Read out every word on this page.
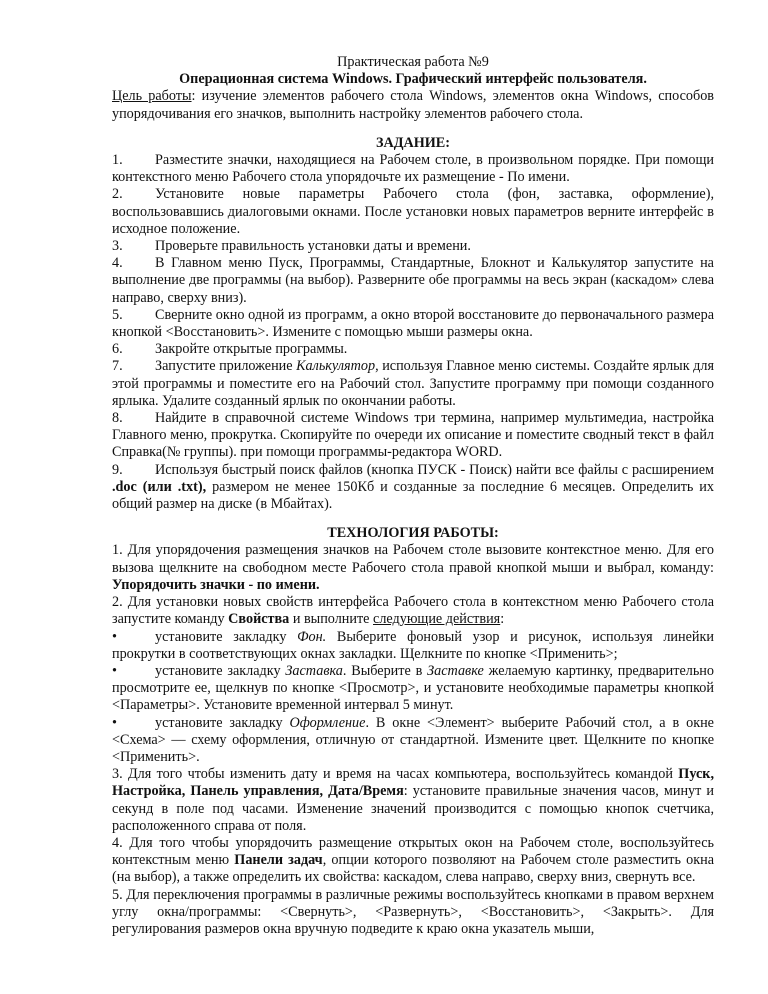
Практическая работа №9

Операционная система Windows. Графический интерфейс пользователя.

Цель работы: изучение элементов рабочего стола Windows, элементов окна Windows, способов упорядочивания его значков, выполнить настройку элементов рабочего стола.

ЗАДАНИЕ:

1. Разместите значки, находящиеся на Рабочем столе, в произвольном порядке. При помощи контекстного меню Рабочего стола упорядочьте их размещение - По имени.

2. Установите новые параметры Рабочего стола (фон, заставка, оформление), воспользовавшись диалоговыми окнами. После установки новых параметров верните интерфейс в исходное положение.

3. Проверьте правильность установки даты и времени.

4. В Главном меню Пуск, Программы, Стандартные, Блокнот и Калькулятор запустите на выполнение две программы (на выбор). Разверните обе программы на весь экран (каскадом» слева направо, сверху вниз).

5. Сверните окно одной из программ, а окно второй восстановите до первоначального размера кнопкой <Восстановить>. Измените с помощью мыши размеры окна.

6. Закройте открытые программы.

7. Запустите приложение Калькулятор, используя Главное меню системы. Создайте ярлык для этой программы и поместите его на Рабочий стол. Запустите программу при помощи созданного ярлыка. Удалите созданный ярлык по окончании работы.

8. Найдите в справочной системе Windows три термина, например мультимедиа, настройка Главного меню, прокрутка. Скопируйте по очереди их описание и поместите сводный текст в файл Справка(№ группы). при помощи программы-редактора WORD.

9. Используя быстрый поиск файлов (кнопка ПУСК - Поиск) найти все файлы с расширением .doc (или .txt), размером не менее 150Кб и созданные за последние 6 месяцев. Определить их общий размер на диске (в Мбайтах).

ТЕХНОЛОГИЯ РАБОТЫ:

1. Для упорядочения размещения значков на Рабочем столе вызовите контекстное меню. Для его вызова щелкните на свободном месте Рабочего стола правой кнопкой мыши и выбрал, команду: Упорядочить значки - по имени.

2. Для установки новых свойств интерфейса Рабочего стола в контекстном меню Рабочего стола запустите команду Свойства и выполните следующие действия:

•	установите закладку Фон. Выберите фоновый узор и рисунок, используя линейки прокрутки в соответствующих окнах закладки. Щелкните по кнопке <Применить>;

•	установите закладку Заставка. Выберите в Заставке желаемую картинку, предварительно просмотрите ее, щелкнув по кнопке <Просмотр>, и установите необходимые параметры кнопкой <Параметры>. Установите временной интервал 5 минут.

•	установите закладку Оформление. В окне <Элемент> выберите Рабочий стол, а в окне <Схема> — схему оформления, отличную от стандартной. Измените цвет. Щелкните по кнопке <Применить>.

3. Для того чтобы изменить дату и время на часах компьютера, воспользуйтесь командой Пуск, Настройка, Панель управления, Дата/Время: установите правильные значения часов, минут и секунд в поле под часами. Изменение значений производится с помощью кнопок счетчика, расположенного справа от поля.

4. Для того чтобы упорядочить размещение открытых окон на Рабочем столе, воспользуйтесь контекстным меню Панели задач, опции которого позволяют на Рабочем столе разместить окна (на выбор), а также определить их свойства: каскадом, слева направо, сверху вниз, свернуть все.

5. Для переключения программы в различные режимы воспользуйтесь кнопками в правом верхнем углу окна/программы: <Свернуть>, <Развернуть>, <Восстановить>, <Закрыть>. Для регулирования размеров окна вручную подведите к краю окна указатель мыши,
